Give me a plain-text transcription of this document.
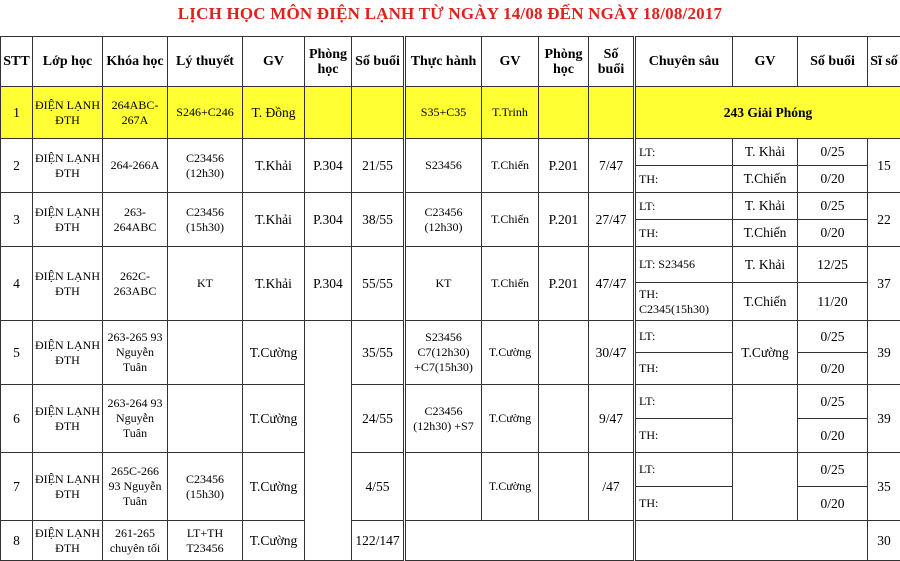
LỊCH HỌC MÔN ĐIỆN LẠNH TỪ NGÀY 14/08 ĐẾN NGÀY 18/08/2017
STT	Lớp học	Khóa học	Lý thuyết	GV	Phòng học	Số buổi	Thực hành	GV	Phòng học	Số buổi	Chuyên sâu	GV	Số buổi	Sĩ số
1	ĐIỆN LẠNH ĐTH	264ABC-267A	S246+C246	T. Đồng			S35+C35	T.Trinh			243 Giải Phóng			
2	ĐIỆN LẠNH ĐTH	264-266A	C23456 (12h30)	T.Khải	P.304	21/55	S23456	T.Chiến	P.201	7/47	LT:	T. Khải	0/25	15
											TH:	T.Chiến	0/20	
3	ĐIỆN LẠNH ĐTH	263-264ABC	C23456 (15h30)	T.Khải	P.304	38/55	C23456 (12h30)	T.Chiến	P.201	27/47	LT:	T. Khải	0/25	22
											TH:	T.Chiến	0/20	
4	ĐIỆN LẠNH ĐTH	262C-263ABC	KT	T.Khải	P.304	55/55	KT	T.Chiến	P.201	47/47	LT: S23456	T. Khải	12/25	37
											TH: C2345(15h30)	T.Chiến	11/20	
5	ĐIỆN LẠNH ĐTH	263-265 93 Nguyễn Tuân		T.Cường		35/55	S23456 C7(12h30) +C7(15h30)	T.Cường		30/47	LT:	T.Cường	0/25	39
											TH:		0/20	
6	ĐIỆN LẠNH ĐTH	263-264 93 Nguyễn Tuân		T.Cường		24/55	C23456 (12h30) +S7	T.Cường		9/47	LT:		0/25	39
											TH:		0/20	
7	ĐIỆN LẠNH ĐTH	265C-266 93 Nguyễn Tuân	C23456 (15h30)	T.Cường		4/55		T.Cường		/47	LT:		0/25	35
											TH:		0/20	
8	ĐIỆN LẠNH ĐTH	261-265 chuyên tối	LT+TH T23456	T.Cường		122/147								30
